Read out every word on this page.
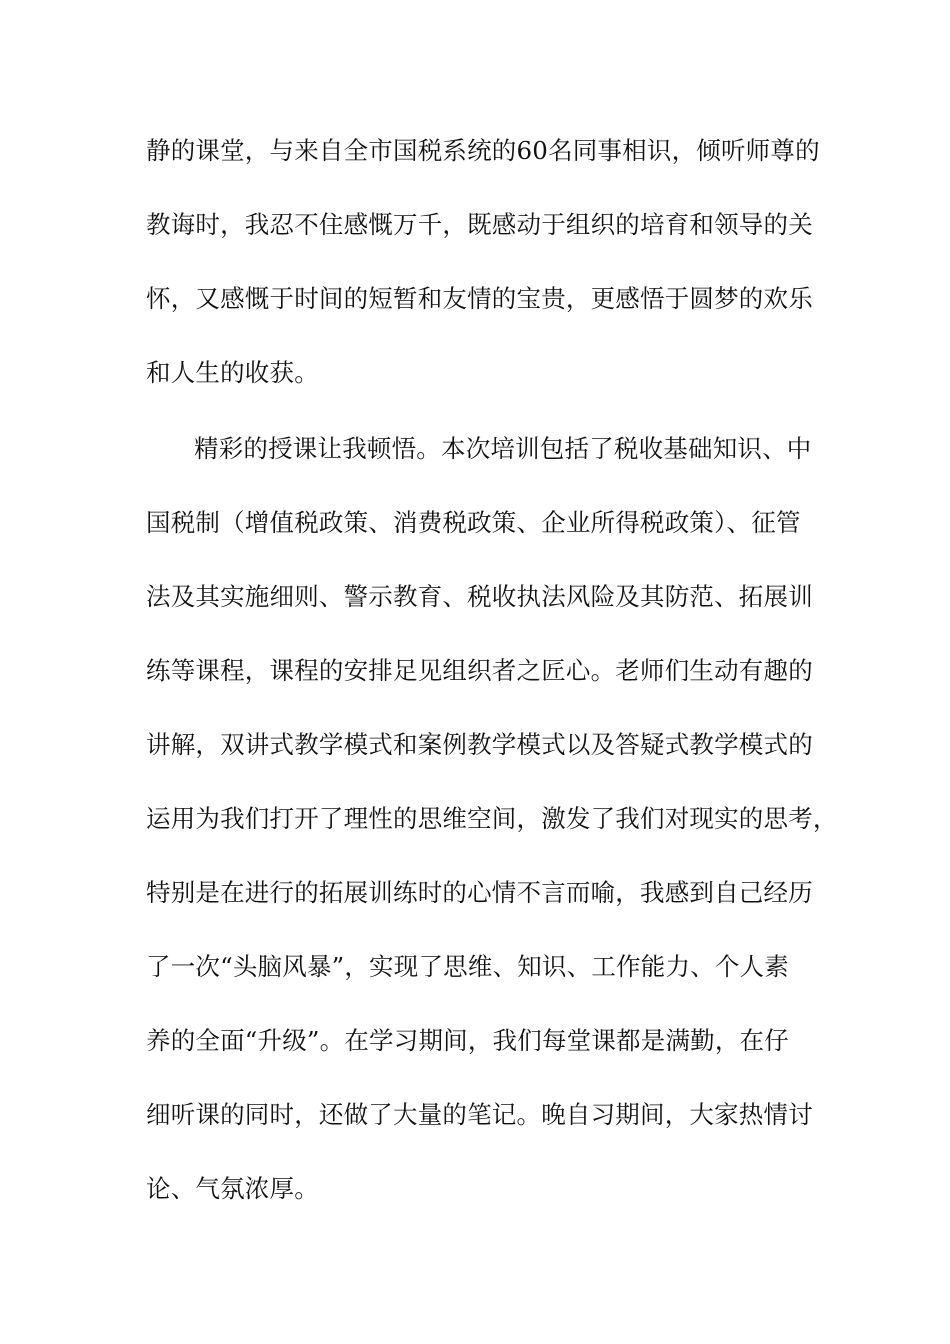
静的课堂，与来自全市国税系统的60名同事相识，倾听师尊的
教诲时，我忍不住感慨万千，既感动于组织的培育和领导的关
怀，又感慨于时间的短暂和友情的宝贵，更感悟于圆梦的欢乐
和人生的收获。
精彩的授课让我顿悟。本次培训包括了税收基础知识、中
国税制（增值税政策、消费税政策、企业所得税政策）、征管
法及其实施细则、警示教育、税收执法风险及其防范、拓展训
练等课程，课程的安排足见组织者之匠心。老师们生动有趣的
讲解，双讲式教学模式和案例教学模式以及答疑式教学模式的
运用为我们打开了理性的思维空间，激发了我们对现实的思考，
特别是在进行的拓展训练时的心情不言而喻，我感到自己经历
了一次“头脑风暴”，实现了思维、知识、工作能力、个人素
养的全面“升级”。在学习期间，我们每堂课都是满勤，在仔
细听课的同时，还做了大量的笔记。晚自习期间，大家热情讨
论、气氛浓厚。
